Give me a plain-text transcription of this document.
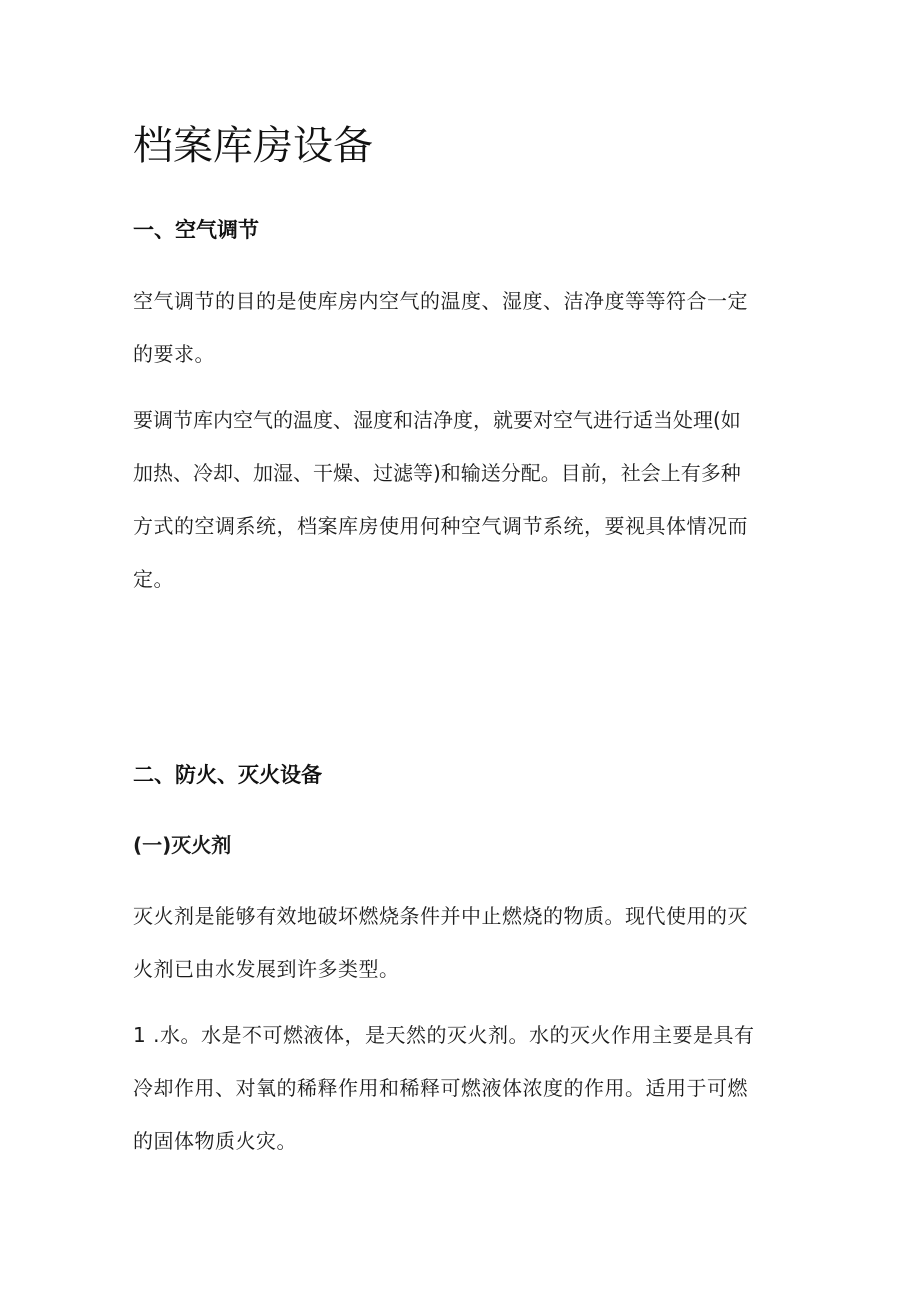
档案库房设备
一、空气调节
空气调节的目的是使库房内空气的温度、湿度、洁净度等等符合一定
的要求。
要调节库内空气的温度、湿度和洁净度，就要对空气进行适当处理(如
加热、冷却、加湿、干燥、过滤等)和输送分配。目前，社会上有多种
方式的空调系统，档案库房使用何种空气调节系统，要视具体情况而
定。
二、防火、灭火设备
(一)灭火剂
灭火剂是能够有效地破坏燃烧条件并中止燃烧的物质。现代使用的灭
火剂已由水发展到许多类型。
1 .水。水是不可燃液体，是天然的灭火剂。水的灭火作用主要是具有
冷却作用、对氧的稀释作用和稀释可燃液体浓度的作用。适用于可燃
的固体物质火灾。
